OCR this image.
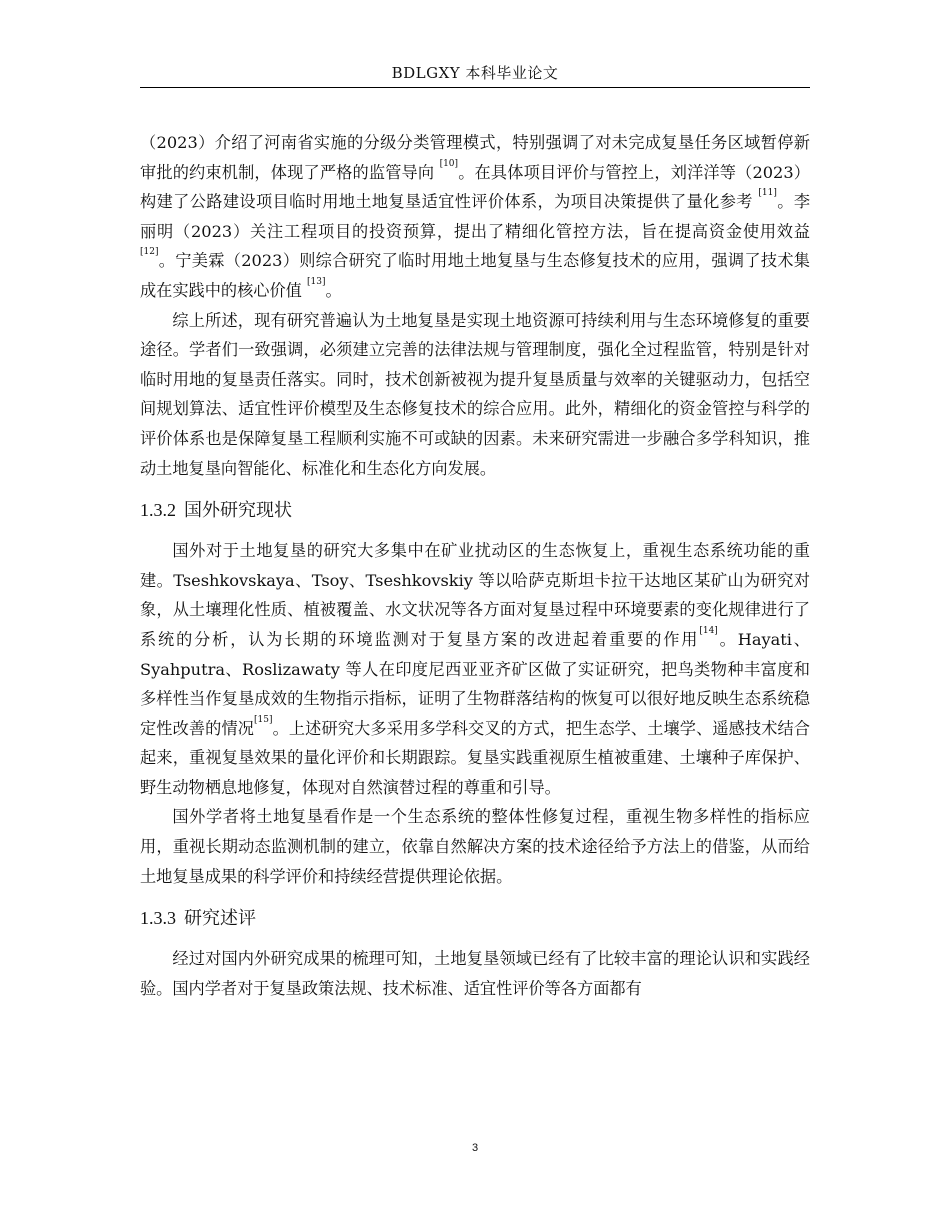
BDLGXY 本科毕业论文

（2023）介绍了河南省实施的分级分类管理模式，特别强调了对未完成复垦任务区域暂停新审批的约束机制，体现了严格的监管导向 [10]。在具体项目评价与管控上，刘洋洋等（2023）构建了公路建设项目临时用地土地复垦适宜性评价体系，为项目决策提供了量化参考 [11]。李丽明（2023）关注工程项目的投资预算，提出了精细化管控方法，旨在提高资金使用效益 [12]。宁美霖（2023）则综合研究了临时用地土地复垦与生态修复技术的应用，强调了技术集成在实践中的核心价值 [13]。

综上所述，现有研究普遍认为土地复垦是实现土地资源可持续利用与生态环境修复的重要途径。学者们一致强调，必须建立完善的法律法规与管理制度，强化全过程监管，特别是针对临时用地的复垦责任落实。同时，技术创新被视为提升复垦质量与效率的关键驱动力，包括空间规划算法、适宜性评价模型及生态修复技术的综合应用。此外，精细化的资金管控与科学的评价体系也是保障复垦工程顺利实施不可或缺的因素。未来研究需进一步融合多学科知识，推动土地复垦向智能化、标准化和生态化方向发展。

1.3.2 国外研究现状

国外对于土地复垦的研究大多集中在矿业扰动区的生态恢复上，重视生态系统功能的重建。Tseshkovskaya、Tsoy、Tseshkovskiy 等以哈萨克斯坦卡拉干达地区某矿山为研究对象，从土壤理化性质、植被覆盖、水文状况等各方面对复垦过程中环境要素的变化规律进行了系统的分析，认为长期的环境监测对于复垦方案的改进起着重要的作用[14]。Hayati、Syahputra、Roslizawaty 等人在印度尼西亚亚齐矿区做了实证研究，把鸟类物种丰富度和多样性当作复垦成效的生物指示指标，证明了生物群落结构的恢复可以很好地反映生态系统稳定性改善的情况[15]。上述研究大多采用多学科交叉的方式，把生态学、土壤学、遥感技术结合起来，重视复垦效果的量化评价和长期跟踪。复垦实践重视原生植被重建、土壤种子库保护、野生动物栖息地修复，体现对自然演替过程的尊重和引导。

国外学者将土地复垦看作是一个生态系统的整体性修复过程，重视生物多样性的指标应用，重视长期动态监测机制的建立，依靠自然解决方案的技术途径给予方法上的借鉴，从而给土地复垦成果的科学评价和持续经营提供理论依据。

1.3.3 研究述评

经过对国内外研究成果的梳理可知，土地复垦领域已经有了比较丰富的理论认识和实践经验。国内学者对于复垦政策法规、技术标准、适宜性评价等各方面都有

3
